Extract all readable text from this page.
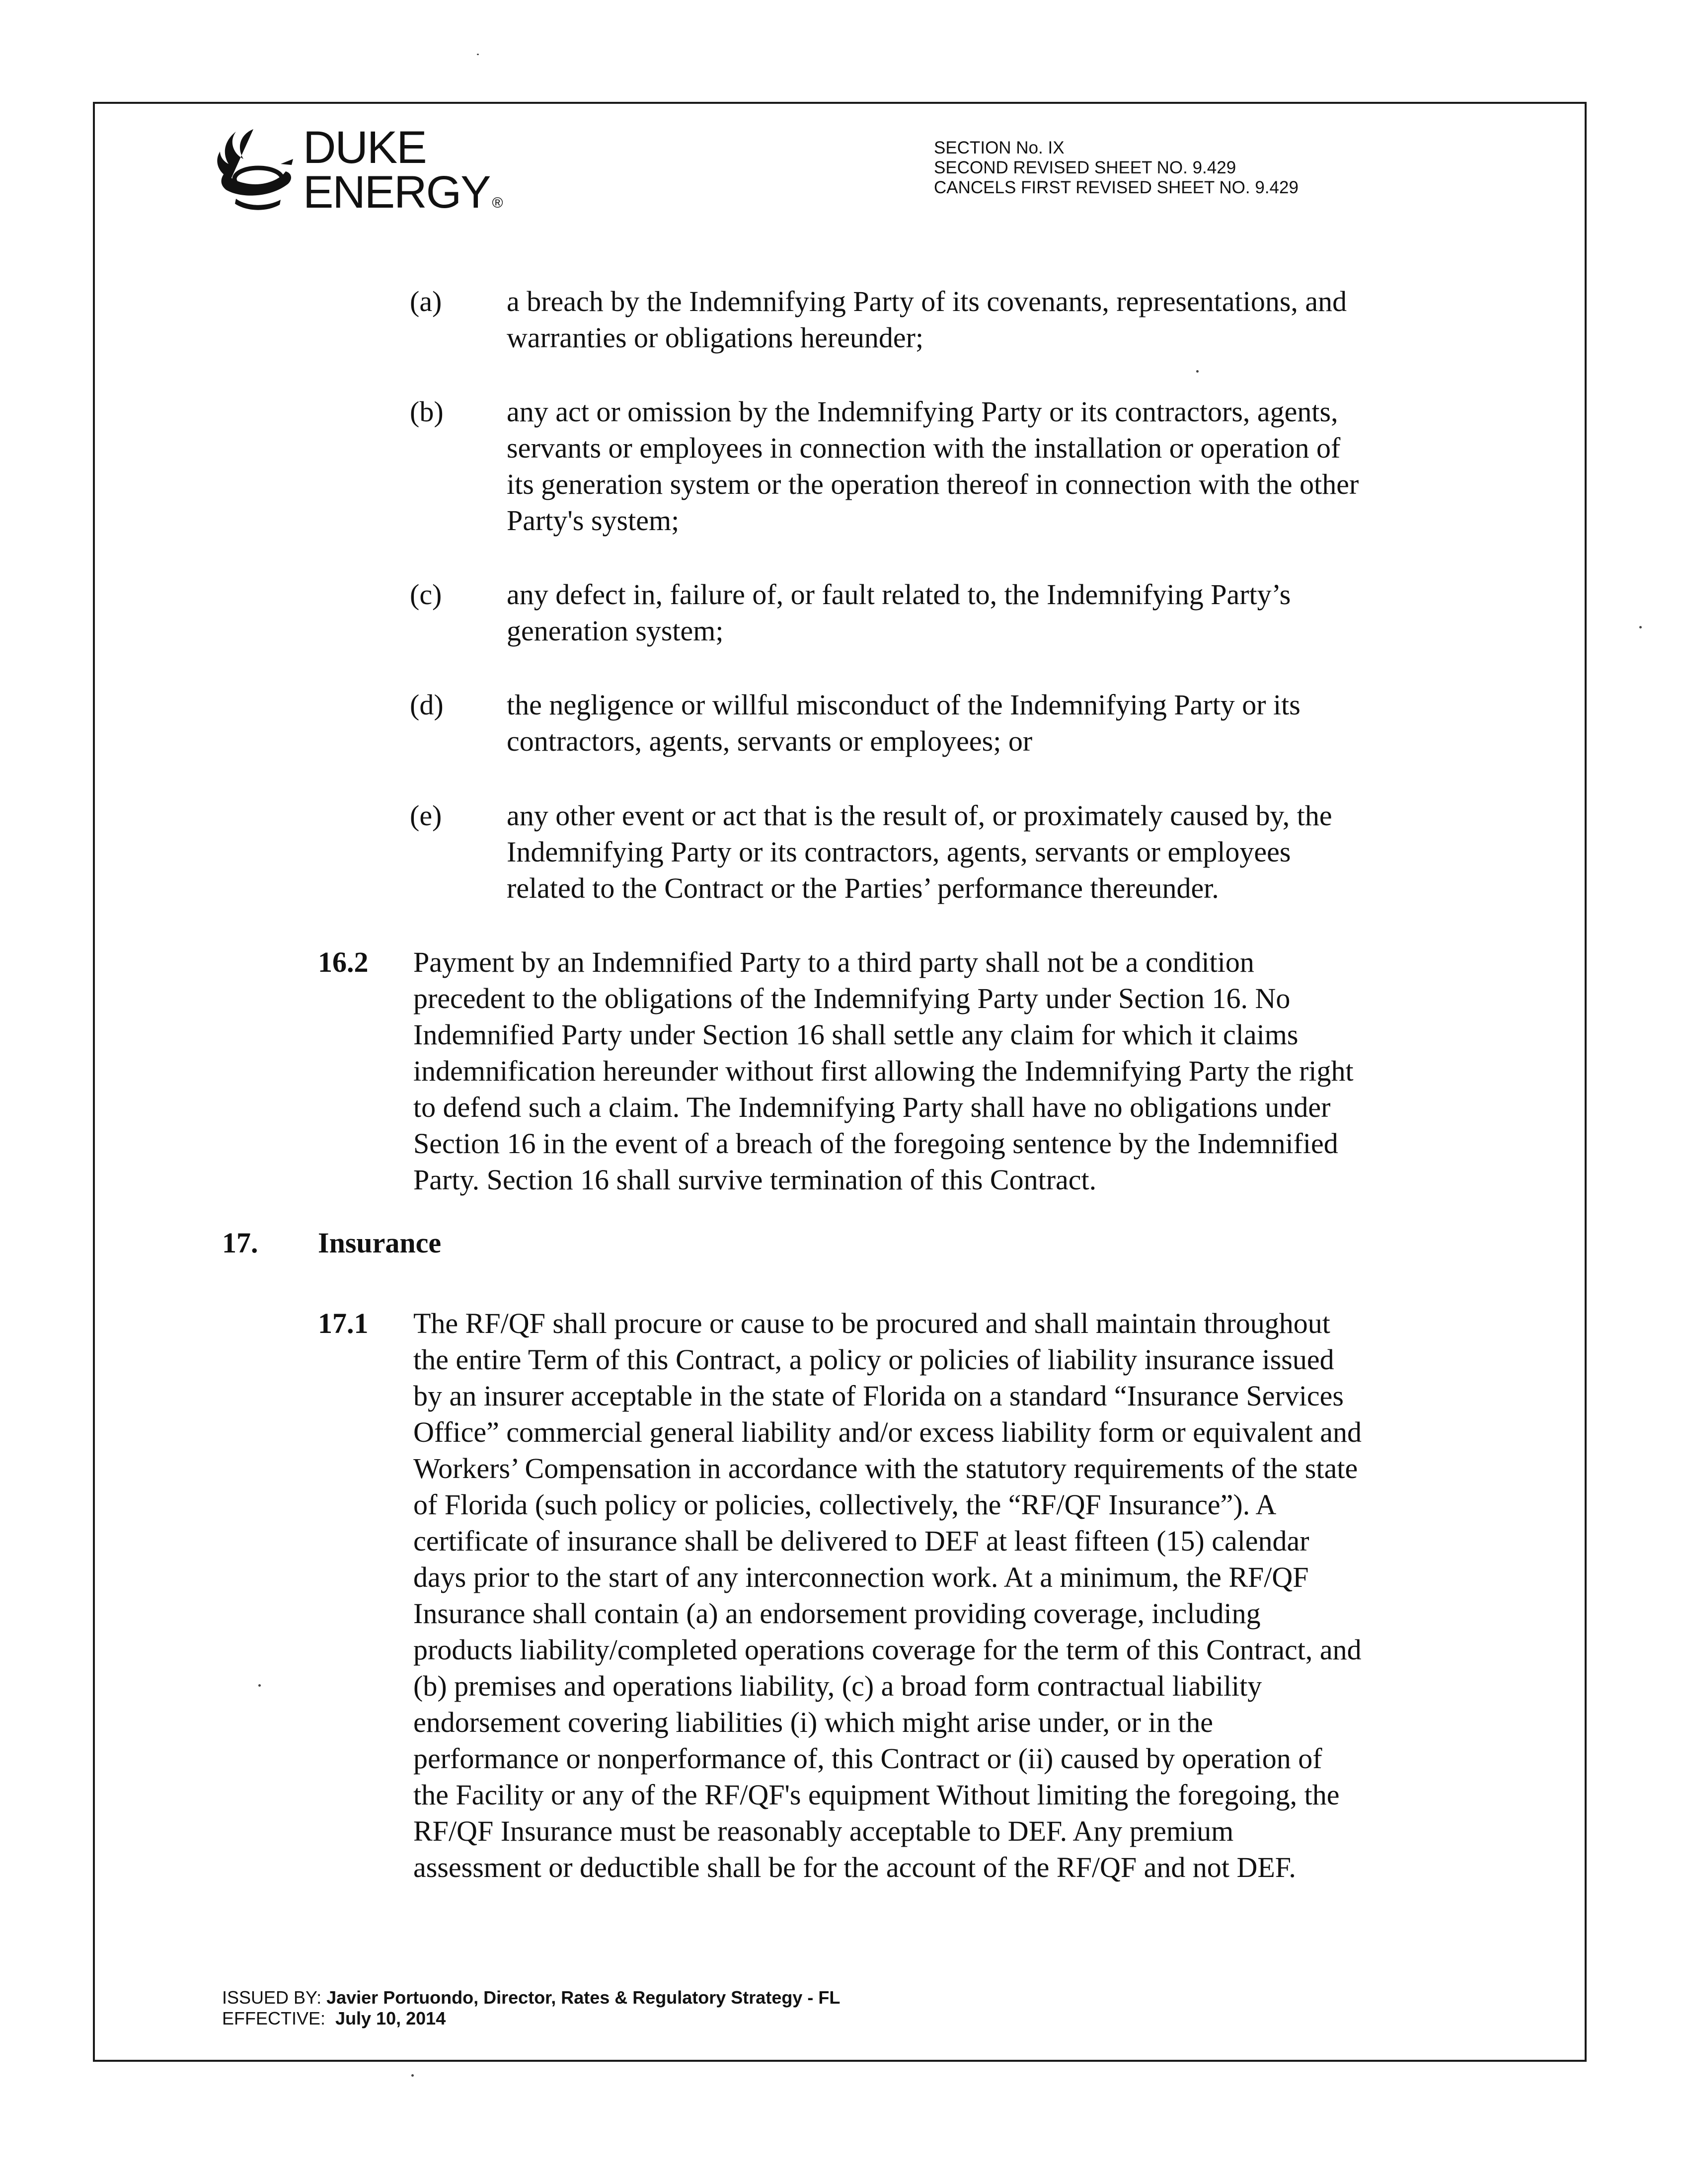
DUKE
ENERGY ®
SECTION No. IX
SECOND REVISED SHEET NO. 9.429
CANCELS FIRST REVISED SHEET NO. 9.429
(a) a breach by the Indemnifying Party of its covenants, representations, and
warranties or obligations hereunder;
(b) any act or omission by the Indemnifying Party or its contractors, agents,
servants or employees in connection with the installation or operation of
its generation system or the operation thereof in connection with the other
Party's system;
(c) any defect in, failure of, or fault related to, the Indemnifying Party’s
generation system;
(d) the negligence or willful misconduct of the Indemnifying Party or its
contractors, agents, servants or employees; or
(e) any other event or act that is the result of, or proximately caused by, the
Indemnifying Party or its contractors, agents, servants or employees
related to the Contract or the Parties’ performance thereunder.
16.2 Payment by an Indemnified Party to a third party shall not be a condition
precedent to the obligations of the Indemnifying Party under Section 16. No
Indemnified Party under Section 16 shall settle any claim for which it claims
indemnification hereunder without first allowing the Indemnifying Party the right
to defend such a claim. The Indemnifying Party shall have no obligations under
Section 16 in the event of a breach of the foregoing sentence by the Indemnified
Party. Section 16 shall survive termination of this Contract.
17. Insurance
17.1 The RF/QF shall procure or cause to be procured and shall maintain throughout
the entire Term of this Contract, a policy or policies of liability insurance issued
by an insurer acceptable in the state of Florida on a standard “Insurance Services
Office” commercial general liability and/or excess liability form or equivalent and
Workers’ Compensation in accordance with the statutory requirements of the state
of Florida (such policy or policies, collectively, the “RF/QF Insurance”). A
certificate of insurance shall be delivered to DEF at least fifteen (15) calendar
days prior to the start of any interconnection work. At a minimum, the RF/QF
Insurance shall contain (a) an endorsement providing coverage, including
products liability/completed operations coverage for the term of this Contract, and
(b) premises and operations liability, (c) a broad form contractual liability
endorsement covering liabilities (i) which might arise under, or in the
performance or nonperformance of, this Contract or (ii) caused by operation of
the Facility or any of the RF/QF's equipment Without limiting the foregoing, the
RF/QF Insurance must be reasonably acceptable to DEF. Any premium
assessment or deductible shall be for the account of the RF/QF and not DEF.
ISSUED BY: Javier Portuondo, Director, Rates & Regulatory Strategy - FL
EFFECTIVE: July 10, 2014
